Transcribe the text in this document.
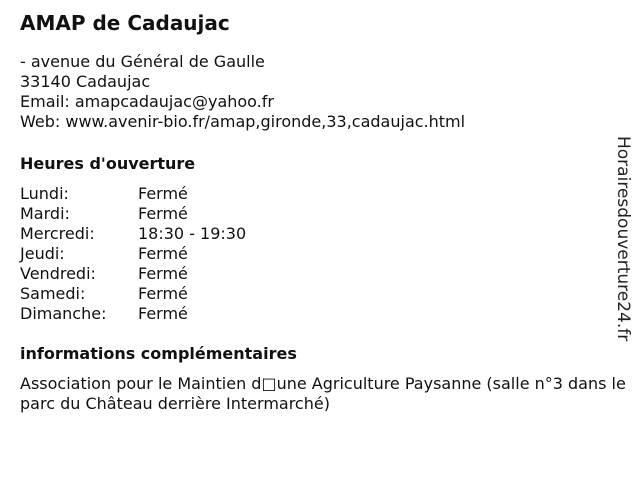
AMAP de Cadaujac
- avenue du Général de Gaulle
33140 Cadaujac
Email: amapcadaujac@yahoo.fr
Web: www.avenir-bio.fr/amap,gironde,33,cadaujac.html
Heures d'ouverture
Lundi:	Fermé
Mardi:	Fermé
Mercredi:	18:30 - 19:30
Jeudi:	Fermé
Vendredi:	Fermé
Samedi:	Fermé
Dimanche:	Fermé
informations complémentaires
Association pour le Maintien d□une Agriculture Paysanne (salle n°3 dans le parc du Château derrière Intermarché)
Horairesdouverture24.fr
